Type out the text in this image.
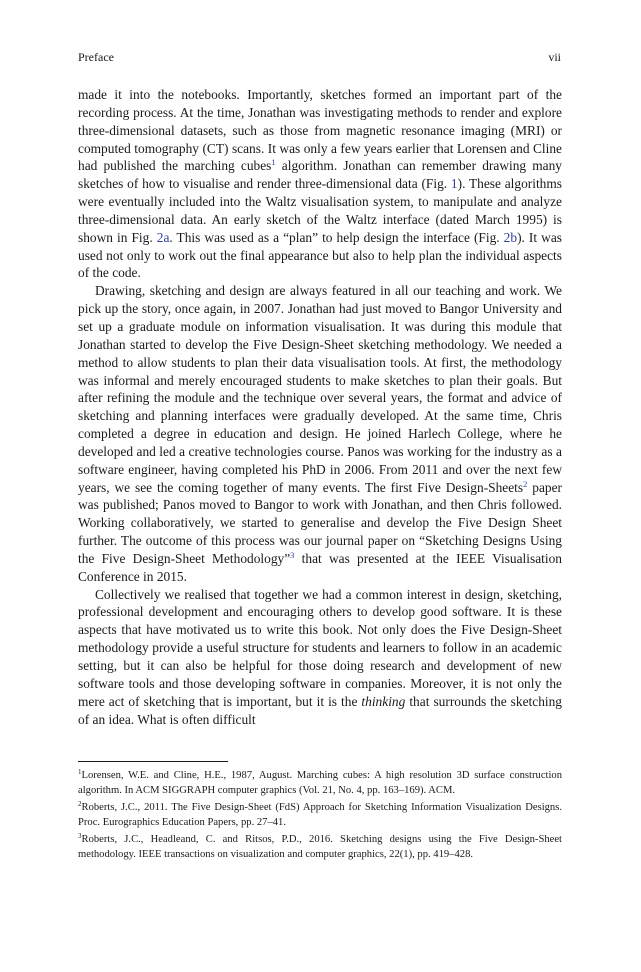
Preface	vii

made it into the notebooks. Importantly, sketches formed an important part of the recording process. At the time, Jonathan was investigating methods to render and explore three-dimensional datasets, such as those from magnetic resonance imaging (MRI) or computed tomography (CT) scans. It was only a few years earlier that Lorensen and Cline had published the marching cubes$^1$ algorithm. Jonathan can remember drawing many sketches of how to visualise and render three-dimensional data (Fig. 1). These algorithms were eventually included into the Waltz visualisation system, to manipulate and analyze three-dimensional data. An early sketch of the Waltz interface (dated March 1995) is shown in Fig. 2a. This was used as a “plan” to help design the interface (Fig. 2b). It was used not only to work out the final appearance but also to help plan the individual aspects of the code.

Drawing, sketching and design are always featured in all our teaching and work. We pick up the story, once again, in 2007. Jonathan had just moved to Bangor University and set up a graduate module on information visualisation. It was during this module that Jonathan started to develop the Five Design-Sheet sketching methodology. We needed a method to allow students to plan their data visualisation tools. At first, the methodology was informal and merely encouraged students to make sketches to plan their goals. But after refining the module and the technique over several years, the format and advice of sketching and planning interfaces were gradually developed. At the same time, Chris completed a degree in education and design. He joined Harlech College, where he developed and led a creative technologies course. Panos was working for the industry as a software engineer, having completed his PhD in 2006. From 2011 and over the next few years, we see the coming together of many events. The first Five Design-Sheets$^2$ paper was published; Panos moved to Bangor to work with Jonathan, and then Chris followed. Working collaboratively, we started to generalise and develop the Five Design Sheet further. The outcome of this process was our journal paper on “Sketching Designs Using the Five Design-Sheet Methodology”$^3$ that was presented at the IEEE Visualisation Conference in 2015.

Collectively we realised that together we had a common interest in design, sketching, professional development and encouraging others to develop good software. It is these aspects that have motivated us to write this book. Not only does the Five Design-Sheet methodology provide a useful structure for students and learners to follow in an academic setting, but it can also be helpful for those doing research and development of new software tools and those developing software in companies. Moreover, it is not only the mere act of sketching that is important, but it is the thinking that surrounds the sketching of an idea. What is often difficult

$^1$Lorensen, W.E. and Cline, H.E., 1987, August. Marching cubes: A high resolution 3D surface construction algorithm. In ACM SIGGRAPH computer graphics (Vol. 21, No. 4, pp. 163–169). ACM.

$^2$Roberts, J.C., 2011. The Five Design-Sheet (FdS) Approach for Sketching Information Visualization Designs. Proc. Eurographics Education Papers, pp. 27–41.

$^3$Roberts, J.C., Headleand, C. and Ritsos, P.D., 2016. Sketching designs using the Five Design-Sheet methodology. IEEE transactions on visualization and computer graphics, 22(1), pp. 419–428.
